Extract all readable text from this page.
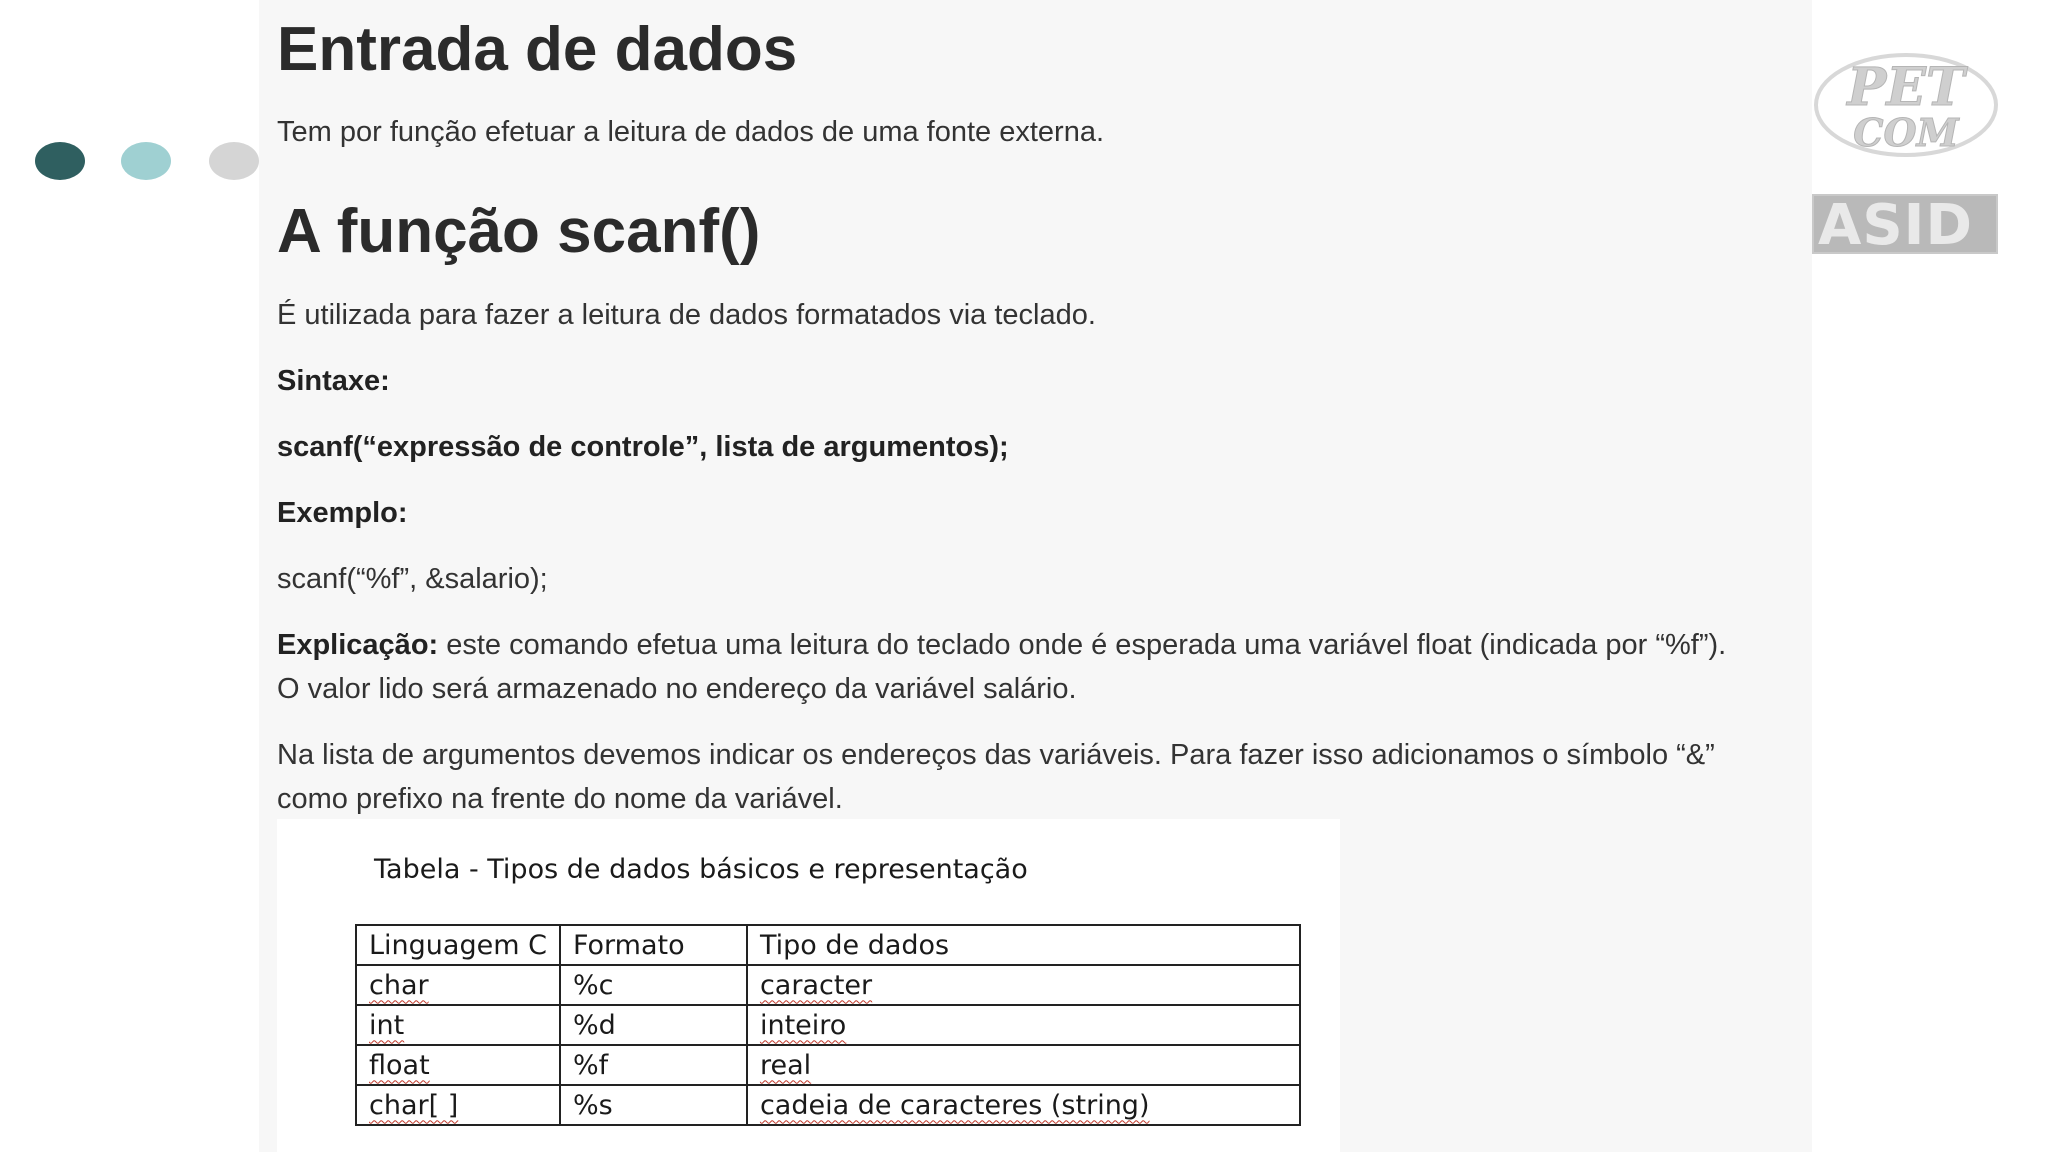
Entrada de dados

Tem por função efetuar a leitura de dados de uma fonte externa.

A função scanf()

É utilizada para fazer a leitura de dados formatados via teclado.

Sintaxe:

scanf(“expressão de controle”, lista de argumentos);

Exemplo:

scanf(“%f”, &salario);

Explicação: este comando efetua uma leitura do teclado onde é esperada uma variável float (indicada por “%f”).

O valor lido será armazenado no endereço da variável salário.

Na lista de argumentos devemos indicar os endereços das variáveis. Para fazer isso adicionamos o símbolo “&”

como prefixo na frente do nome da variável.

Tabela - Tipos de dados básicos e representação

Linguagem C	Formato	Tipo de dados
char	%c	caracter
int	%d	inteiro
float	%f	real
char[ ]	%s	cadeia de caracteres (string)
PET
COM
ASID
